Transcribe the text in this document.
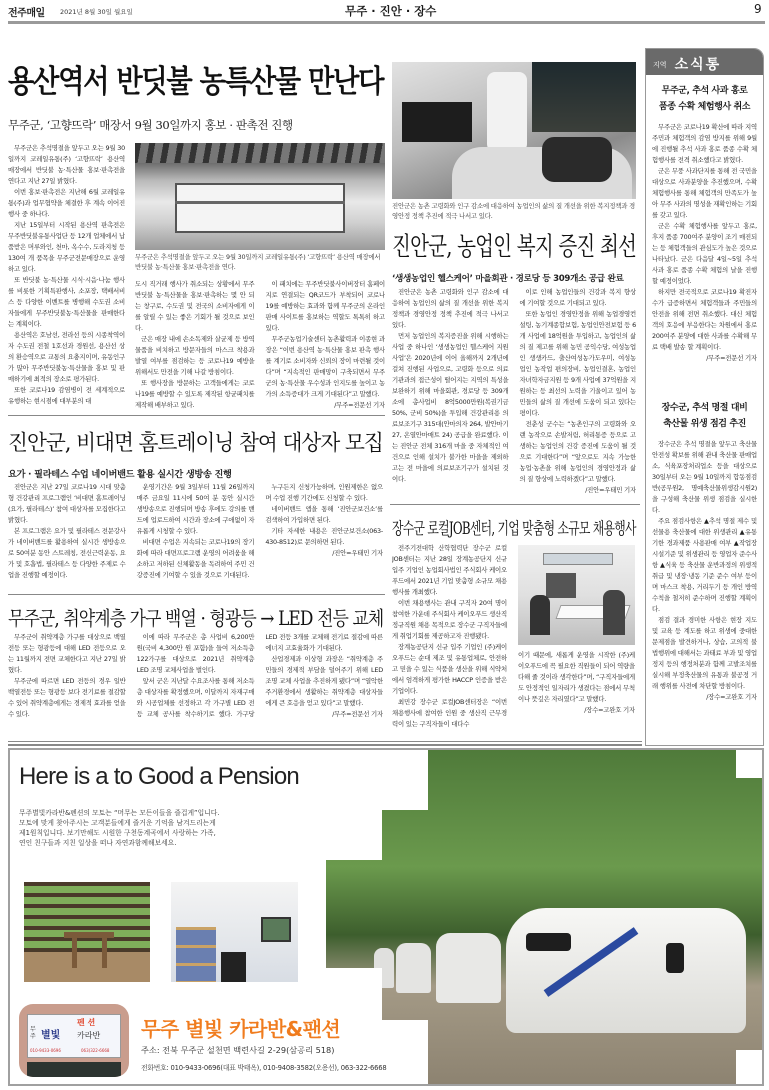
전주매일 2021년 8월 30일 월요일	무주 · 진안 · 장수	9
용산역서 반딧불 농특산물 만난다
무주군, ‘고향뜨락’ 매장서 9월 30일까지 홍보 · 판촉전 진행

무주군은 추석명절을 앞두고 오는 9월 30일까지 코레일유통(주) ‘고향뜨락’ 용산역 매장에서 반딧불 농·특산물 홍보·판촉전을 연다고 지난 27일 밝혔다.

이번 홍보·판촉전은 지난해 6월 코레일유통(주)과 업무협약을 체결한 후 계속 이어진 행사 중 하나다.

지난 15일부터 시작된 용산역 판촉전은 무주반딧불유통사업단 등 12개 업체에서 납품받은 머루와인, 천마, 옥수수, 도라지청 등 130여 개 품목을 무주군전문매장으로 운영하고 있다.

또 반딧불 농·특산물 시식·시음·나눔 행사를 비롯한 기획특판행사, 소포장, 택배서비스 등 다양한 이벤트를 병행해 수도권 소비자들에게 무주반딧불농·특산물을 판매한다는 계획이다.

용산역은 호남선, 전라선 등의 시종착역이자 수도권 전철 1호선과 경원선, 용산선 상의 환승역으로 교통의 요충지이며, 유동인구가 많아 무주반딧불농·특산물을 홍보 및 판매하기에 최적의 장소로 평가된다.

또한 코로나19 감염병이 전 세계적으로 유행하는 현시점에 대부분의 대

무주군은 추석명절을 앞두고 오는 9월 30일까지 코레일유통(주) ‘고향뜨락’ 용산역 매장에서 반딧불 농·특산물 홍보·판촉전을 연다.

도시 직거래 행사가 취소되는 상황에서 무주반딧불 농·특산물을 홍보·판촉하는 몇 안 되는 창구로, 수도권 및 전국의 소비자에게 이를 알릴 수 있는 좋은 기회가 될 것으로 보인다.

군은 매장 내에 손소독제와 살균제 등 방역물품을 비치하고 방문자들의 마스크 착용과 발열 여부를 점검하는 등 코로나19 예방을 위해서도 만전을 기해 나갈 방침이다.

또 행사장을 방문하는 고객들에게는 코로나19를 예방할 수 있도록 제작된 항균패치를 제작해 배부하고 있다.

이 패치에는 무주반딧불사이버장터 홈페이지로 연결되는 QR코드가 부착되어 코로나19를 예방하는 효과와 함께 무주군의 온라인 판매 사이트를 홍보하는 역할도 톡톡히 하고 있다.

무주군농업기술센터 농촌활력과 이종현 과장은 “이번 용산역 농·특산물 홍보 판촉 행사를 계기로 소비자와 신뢰의 장이 마련될 것이다”며 “지속적인 판매망이 구축되면서 무주군의 농·특산물 우수성과 인지도를 높이고 농가의 소득증대가 크게 기대된다”고 말했다.

/무주=전문선 기자

진안군, 비대면 홈트레이닝 참여 대상자 모집
요가 · 필라테스 수업 네이버밴드 활용 실시간 생방송 진행

진안군은 지난 27일 코로나19 시대 맞춤형 건강관리 프로그램인 ‘비대면 홈트레이닝(요가, 필라테스)’ 참여 대상자를 모집한다고 밝혔다.

본 프로그램은 요가 및 필라테스 전문강사가 네이버밴드를 활용하여 실시간 생방송으로 50여분 동안 스트레칭, 전신근력운동, 요가 및 호흡법, 필라테스 등 다양한 주제로 수업을 진행할 예정이다.

운영기간은 9월 3일부터 11월 26일까지 매주 금요일 11시에 50여 분 동안 실시간 생방송으로 진행되며 방송 후에도 강의를 밴드에 업로드하여 시간과 장소에 구애없이 자유롭게 시청할 수 있다.

비대면 수업은 지속되는 코로나19의 장기화에 따라 대면프로그램 운영의 어려움을 해소하고 저하된 신체활동을 독려하여 주민 건강증진에 기여할 수 있을 것으로 기대된다.

누구든지 신청가능하며, 인원제한은 없으며 수업 진행 기간에도 신청할 수 있다.

네이버밴드 앱을 통해 ‘진안군보건소’를 검색하여 가입하면 된다.

기타 자세한 내용은 진안군보건소(063-430-8512)로 문의하면 된다.

/진안=우태민 기자

무주군, 취약계층 가구 백열 · 형광등 → LED 전등 교체

무주군이 취약계층 가구를 대상으로 백열전등 또는 형광등에 대해 LED 전등으로 오는 11월까지 전면 교체한다고 지난 27일 밝혔다.

무주군에 따르면 LED 전등의 경우 일반 백열전등 또는 형광등 보다 전기료를 절감할 수 있어 취약계층에게는 경제적 효과를 얻을 수 있다.

이에 따라 무주군은 총 사업비 6,200만 원(국비 4,300만 원 포함)을 들여 저소득층 122가구를 대상으로 2021년 취약계층 LED 조명 교체사업을 벌인다.

앞서 군은 지난달 수요조사를 통해 저소득층 대상자를 확정했으며, 이달까지 자재구매와 시공업체를 선정하고 각 가구별 LED 전등 교체 공사를 착수하기로 했다. 가구당 LED 전등 3개를 교체해 전기료 절감에 따른 에너지 고효율화가 기대된다.

산업경제과 이상형 과장은 “취약계층 주민들의 경제적 부담을 덜어주기 위해 LED 조명 교체 사업을 추진하게 됐다”며 “열악한 주거환경에서 생활하는 취약계층 대상자들에게 큰 호응을 얻고 있다”고 말했다.

/무주=전문선 기자

진안군은 농촌 고령화와 인구 감소에 대응하여 농업인의 삶의 질 개선을 위한 복지정책과 경영안정 정책 추진에 적극 나서고 있다.
진안군, 농업인 복지 증진 최선
‘생생농업인 헬스케어’ 마을회관 · 경로당 등 309개소 공급 완료

진안군은 농촌 고령화와 인구 감소에 대응하여 농업인의 삶의 질 개선을 위한 복지정책과 경영안정 정책 추진에 적극 나서고 있다.

먼저 농업인의 복지증진을 위해 시행하는 사업 중 하나인 ‘생생농업인 헬스케어 지원사업’은 2020년에 이어 올해까지 2개년에 걸쳐 진행된 사업으로, 고령화 등으로 의료기관과의 접근성이 떨어지는 지역의 특성을 보완하기 위해 마을회관, 경로당 등 309개소에 총사업비 8억5000만원(복권기금 50%, 군비 50%)을 투입해 건강관리용 의료보조기구 315대(안마의자 264, 발안마기 27, 온열안마매트 24) 공급을 완료했다. 이는 진안군 전체 316개 마을 중 자체적인 여건으로 인해 설치가 불가한 마을을 제외하고는 전 마을에 의료보조기구가 설치된 것이다.

이로 인해 농업인들의 건강과 복지 향상에 기여할 것으로 기대되고 있다.

또한 농업인 경영안정을 위해 농업경영컨설팅, 농기계종합보험, 농업인안전보험 등 6개 사업에 18억원을 투입하고, 농업인의 삶의 질 제고를 위해 농민 공익수당, 여성농업인 생생카드, 출산여성농가도우미, 여성농업인 농작업 편의장비, 농업인결혼, 농업인 자녀학자금지원 등 9개 사업에 37억원을 지원하는 등 최선의 노력을 기울이고 있어 농민들의 삶의 질 개선에 도움이 되고 있다는 평이다.

전춘성 군수는 “농촌인구의 고령화와 오랜 농작으로 손발저림, 허리통증 등으로 고생하는 농업인의 건강 증진에 도움이 될 것으로 기대한다”며 “앞으로도 지속 가능한 농업·농촌을 위해 농업인의 경영안정과 삶의 질 향상에 노력하겠다”고 말했다.

/진안=우태민 기자

장수군 로컬JOB센터, 기업 맞춤형 소규모 채용행사

전주기전대학 산학협력단 장수군 로컬JOB센터는 지난 28일 장계농공단지 신규입주 기업인 농업회사법인 주식회사 케이오푸드에서 2021년 기업 맞춤형 소규모 채용행사를 개최했다.

이번 채용행사는 관내 구직자 20여 명이 참여한 가운데 주식회사 케이오푸드 생산직 정규직원 채용 목적으로 장수군 구직자들에게 취업기회를 제공하고자 진행됐다.

장계농공단지 신규 입주 기업인 (주)케이오푸드는 순대 제조 및 유통업체로, 안전하고 믿을 수 있는 식품을 생산을 위해 식약처에서 엄격하게 평가한 HACCP 인증을 받은 기업이다.

최민강 장수군 로컬JOB센터장은 “이번 채용행사에 참여한 인원 중 생산직 근무경력이 있는 구직자들이 대다수

이기 때문에, 새롭게 운영을 시작한 (주)케이오푸드에 꼭 필요한 직원들이 되어 역량을 다해 줄 것이라 생각한다”며, “구직자들에게도 안정적인 일자리가 생겼다는 점에서 무척이나 뜻깊은 자리였다”고 말했다.

/장수=고완호 기자

지역 소식통
무주군, 추석 사과 홍로
품종 수확 체험행사 취소

무주군은 코로나19 확산에 따라 지역 주민과 체험객의 감염 방지를 위해 9월에 진행될 추석 사과 홍로 품종 수확 체험행사를 전격 취소했다고 밝혔다.

군은 무풍 사과단지를 통해 전 국민을 대상으로 사과분양을 추진했으며, 수확 체험행사를 통해 체험객의 만족도가 높아 무주 사과의 명성을 재확인하는 기회를 갖고 있다.

군은 수확 체험행사를 앞두고 홍로, 후지 품종 700여주 분양이 조기 매진되는 등 체험객들의 관심도가 높은 것으로 나타났다. 군은 다음달 4일~5일 추석사과 홍로 품종 수확 체험의 날을 진행할 예정이었다.

하지만 전국적으로 코로나19 확진자 수가 급증하면서 체험객들과 주민들의 안전을 위해 전면 취소했다. 대신 체험객의 호응에 부응한다는 차원에서 홍로 200여주 분양에 대한 사과를 수확해 무료 택배 발송 할 계획이다.

/무주=전문선 기자

장수군, 추석 명절 대비
축산물 위생 점검 추진

장수군은 추석 명절을 앞두고 축산물 안전성 확보를 위해 관내 축산물 판매업소, 식육포장처리업소 등을 대상으로 30일부터 오는 9월 10일까지 합동점검반(공무원2, 명예축산물위생감시원2)을 구성해 축산물 위생 점검을 실시한다.

주요 점검사항은 ▲추석 명절 제수 및 선물용 축산물에 대한 위생관리 ▲유통기한 경과제품 사용판매 여부 ▲작업장 시설기준 및 위생관리 등 영업자 준수사항 ▲식육 등 축산물 운반과정의 위생적 취급 및 냉장·냉동 기준 준수 여부 등이며 마스크 착용, 거리두기 등 개인 방역수칙을 철저히 준수하며 진행할 계획이다.

점검 결과 경미한 사항은 현장 지도 및 교육 등 계도를 하고 위생에 중대한 문제점을 발견하거나, 상습, 고의적 불법행위에 대해서는 과태료 부과 및 영업정지 등의 행정처분과 함께 고발조치를 실시해 부정축산물의 유통과 불공정 거래 행위를 사전에 차단할 방침이다.

/장수=고완호 기자

Here is a to Good a Pension
무주별빛카라반&펜션의 모토는 “머무는 모든이들을 즐겁게”입니다.
모토에 맞게 찾아주시는 고객분들에게 즐거운 기억을 남겨드리는게
제1원칙입니다. 보기만해도 시원한 구천동계곡에서 사랑하는 가족,
연인 친구들과 지친 일상을 떠나 자연과함께해보세요.
펜 션
무주 별빛 카라반
010-9433-0696	063)322-6668
무주 별빛 카라반&팬션
주소: 전북 무주군 설천면 백련사길 2-29(삼공리 518)
전화번호: 010-9433-0696(대표 박태옥), 010-9408-3582(오용선), 063-322-6668
